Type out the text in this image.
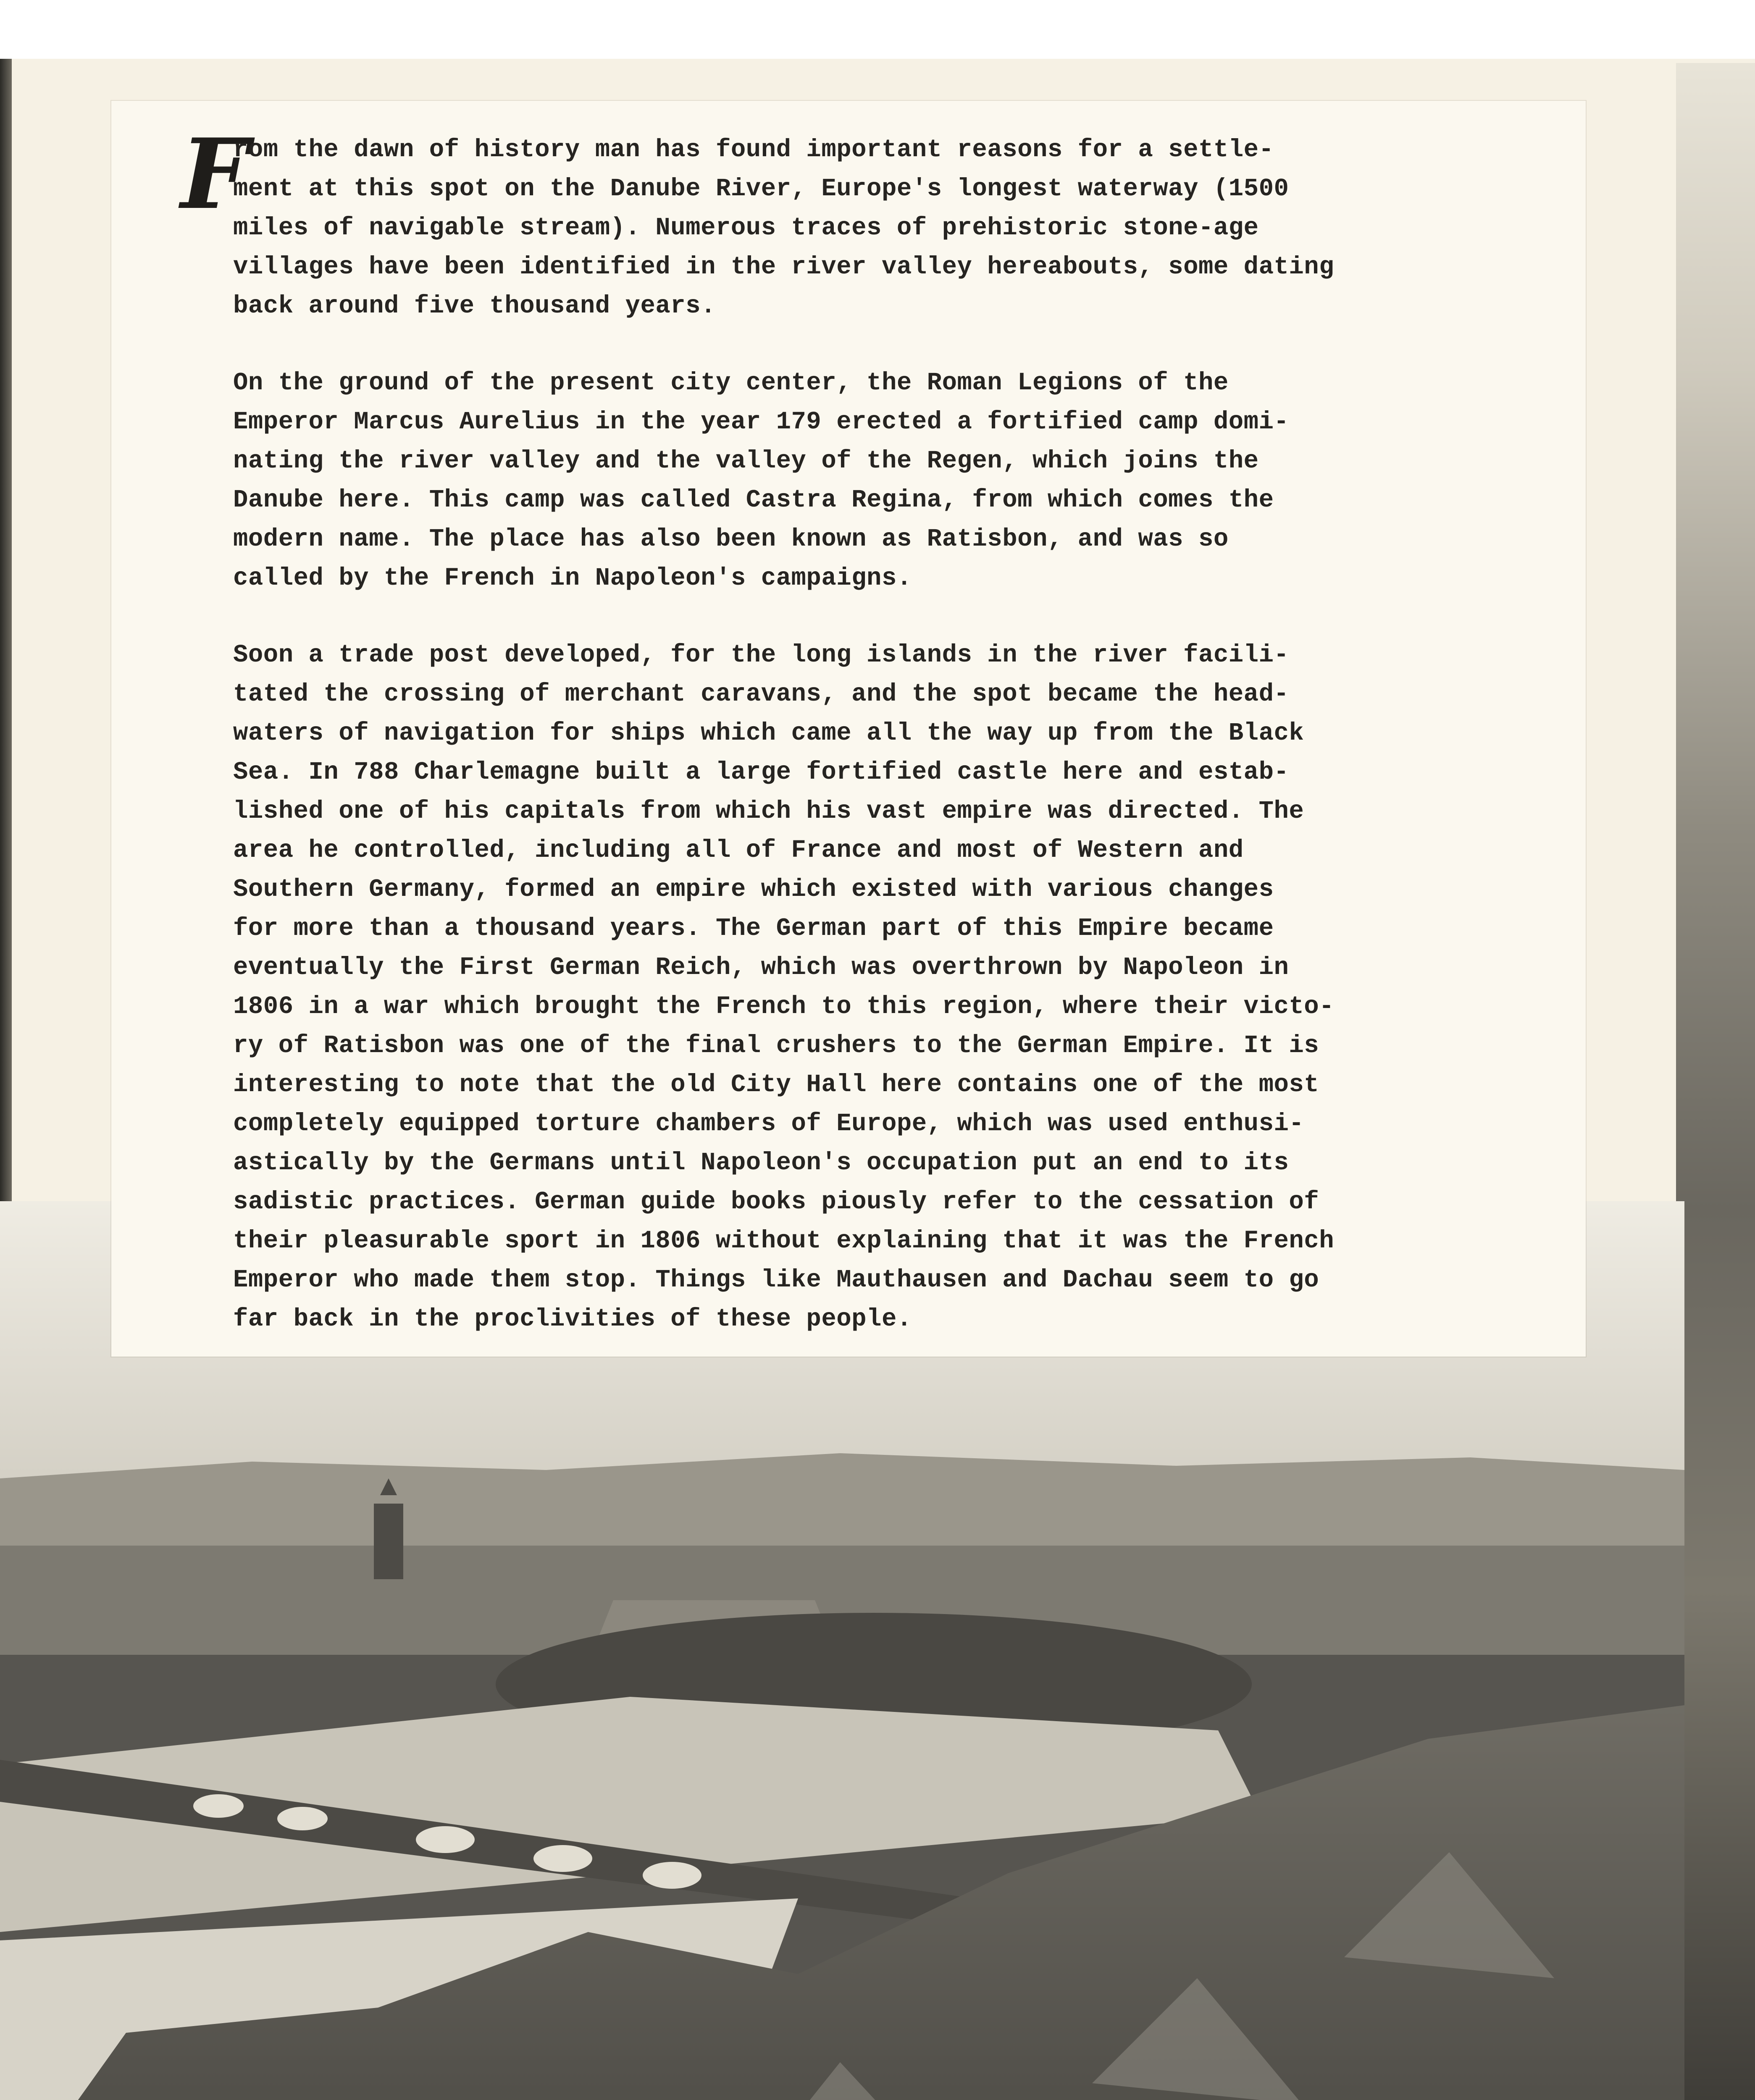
F

rom the dawn of history man has found important reasons for a settle-
ment at this spot on the Danube River, Europe's longest waterway (1500
miles of navigable stream). Numerous traces of prehistoric stone-age
villages have been identified in the river valley hereabouts, some dating
back around five thousand years.

On the ground of the present city center, the Roman Legions of the
Emperor Marcus Aurelius in the year 179 erected a fortified camp domi-
nating the river valley and the valley of the Regen, which joins the
Danube here. This camp was called Castra Regina, from which comes the
modern name. The place has also been known as Ratisbon, and was so
called by the French in Napoleon's campaigns.

Soon a trade post developed, for the long islands in the river facili-
tated the crossing of merchant caravans, and the spot became the head-
waters of navigation for ships which came all the way up from the Black
Sea. In 788 Charlemagne built a large fortified castle here and estab-
lished one of his capitals from which his vast empire was directed. The
area he controlled, including all of France and most of Western and
Southern Germany, formed an empire which existed with various changes
for more than a thousand years. The German part of this Empire became
eventually the First German Reich, which was overthrown by Napoleon in
1806 in a war which brought the French to this region, where their victo-
ry of Ratisbon was one of the final crushers to the German Empire. It is
interesting to note that the old City Hall here contains one of the most
completely equipped torture chambers of Europe, which was used enthusi-
astically by the Germans until Napoleon's occupation put an end to its
sadistic practices. German guide books piously refer to the cessation of
their pleasurable sport in 1806 without explaining that it was the French
Emperor who made them stop. Things like Mauthausen and Dachau seem to go
far back in the proclivities of these people.
